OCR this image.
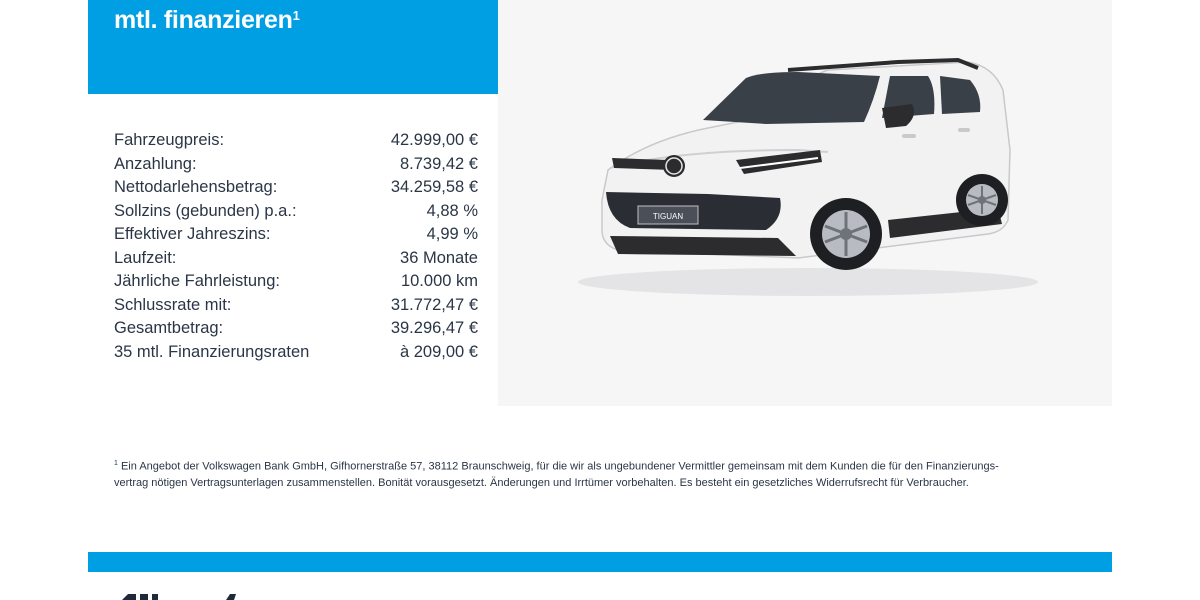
mtl. finanzieren$^1$
Fahrzeugpreis:	42.999,00 €
Anzahlung:	8.739,42 €
Nettodarlehensbetrag:	34.259,58 €
Sollzins (gebunden) p.a.:	4,88 %
Effektiver Jahreszins:	4,99 %
Laufzeit:	36 Monate
Jährliche Fahrleistung:	10.000 km
Schlussrate mit:	31.772,47 €
Gesamtbetrag:	39.296,47 €
35 mtl. Finanzierungsraten	à 209,00 €
TIGUAN
$^1$ Ein Angebot der Volkswagen Bank GmbH, Gifhornerstraße 57, 38112 Braunschweig, für die wir als ungebundener Vermittler gemeinsam mit dem Kunden die für den Finanzierungs-
vertrag nötigen Vertragsunterlagen zusammenstellen. Bonität vorausgesetzt. Änderungen und Irrtümer vorbehalten. Es besteht ein gesetzliches Widerrufsrecht für Verbraucher.
